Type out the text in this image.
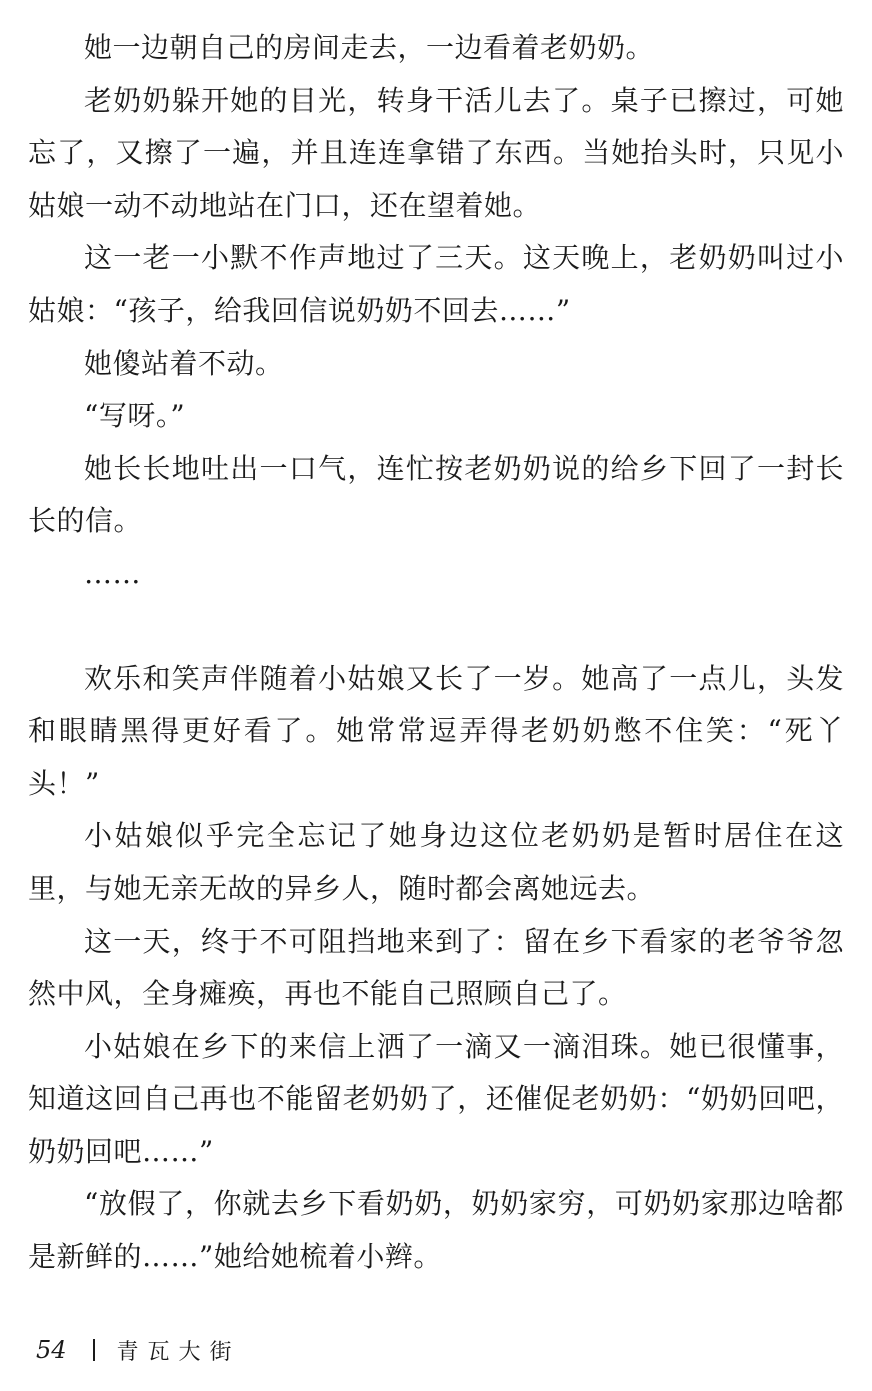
她一边朝自己的房间走去，一边看着老奶奶。

老奶奶躲开她的目光，转身干活儿去了。桌子已擦过，可她忘了，又擦了一遍，并且连连拿错了东西。当她抬头时，只见小姑娘一动不动地站在门口，还在望着她。

这一老一小默不作声地过了三天。这天晚上，老奶奶叫过小姑娘：“孩子，给我回信说奶奶不回去……”

她傻站着不动。

“写呀。”

她长长地吐出一口气，连忙按老奶奶说的给乡下回了一封长长的信。

……

欢乐和笑声伴随着小姑娘又长了一岁。她高了一点儿，头发和眼睛黑得更好看了。她常常逗弄得老奶奶憋不住笑：“死丫头！”

小姑娘似乎完全忘记了她身边这位老奶奶是暂时居住在这里，与她无亲无故的异乡人，随时都会离她远去。

这一天，终于不可阻挡地来到了：留在乡下看家的老爷爷忽然中风，全身瘫痪，再也不能自己照顾自己了。

小姑娘在乡下的来信上洒了一滴又一滴泪珠。她已很懂事，知道这回自己再也不能留老奶奶了，还催促老奶奶：“奶奶回吧，奶奶回吧……”

“放假了，你就去乡下看奶奶，奶奶家穷，可奶奶家那边啥都是新鲜的……”她给她梳着小辫。

54 青瓦大街
